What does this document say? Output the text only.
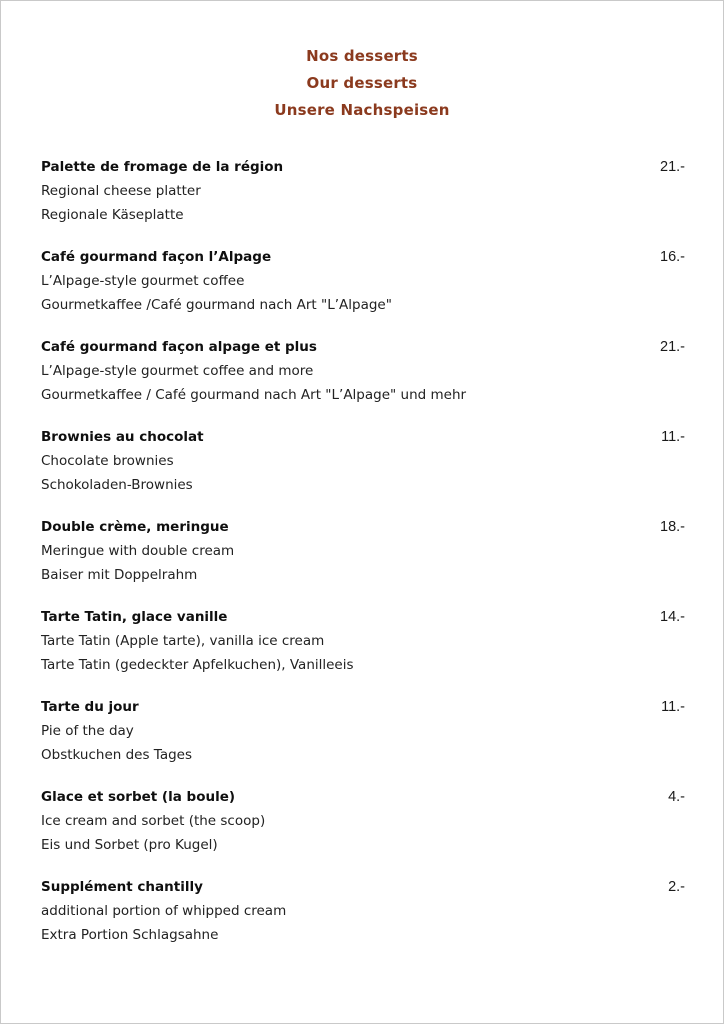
Nos desserts
Our desserts
Unsere Nachspeisen
Palette de fromage de la région	21.-
Regional cheese platter
Regionale Käseplatte
Café gourmand façon l’Alpage	16.-
L’Alpage-style gourmet coffee
Gourmetkaffee /Café gourmand nach Art "L’Alpage"
Café gourmand façon alpage et plus	21.-
L’Alpage-style gourmet coffee and more
Gourmetkaffee / Café gourmand nach Art "L’Alpage" und mehr
Brownies au chocolat	11.-
Chocolate brownies
Schokoladen-Brownies
Double crème, meringue	18.-
Meringue with double cream
Baiser mit Doppelrahm
Tarte Tatin, glace vanille	14.-
Tarte Tatin (Apple tarte), vanilla ice cream
Tarte Tatin (gedeckter Apfelkuchen), Vanilleeis
Tarte du jour	11.-
Pie of the day
Obstkuchen des Tages
Glace et sorbet (la boule)	4.-
Ice cream and sorbet (the scoop)
Eis und Sorbet (pro Kugel)
Supplément chantilly	2.-
additional portion of whipped cream
Extra Portion Schlagsahne
